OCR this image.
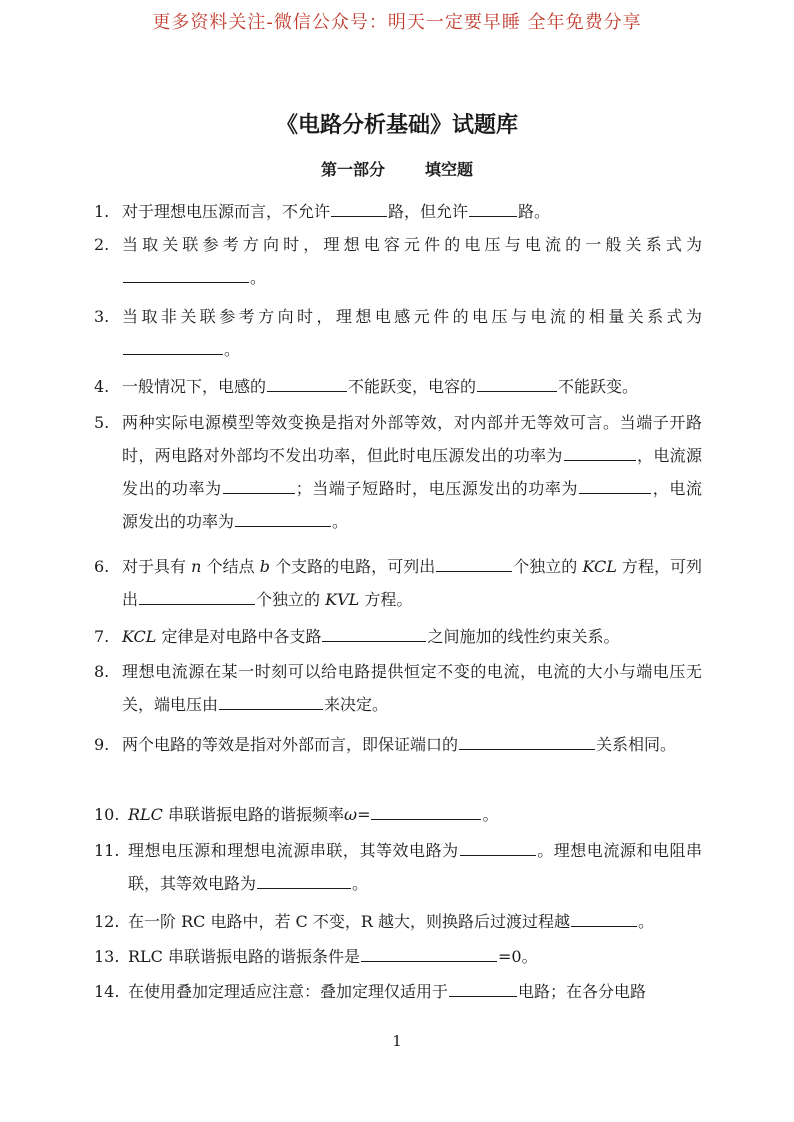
更多资料关注-微信公众号：明天一定要早睡 全年免费分享
《电路分析基础》试题库
第一部分	填空题
1. 对于理想电压源而言，不允许	路，但允许	路。
2. 当取关联参考方向时，理想电容元件的电压与电流的一般关系式为。
3. 当取非关联参考方向时，理想电感元件的电压与电流的相量关系式为。
4. 一般情况下，电感的	不能跃变，电容的	不能跃变。
5. 两种实际电源模型等效变换是指对外部等效，对内部并无等效可言。当端子开路时，两电路对外部均不发出功率，但此时电压源发出的功率为	，电流源发出的功率为	；当端子短路时，电压源发出的功率为	，电流源发出的功率为	。
6. 对于具有 n 个结点 b 个支路的电路，可列出	个独立的 KCL 方程，可列出	个独立的 KVL 方程。
7. KCL 定律是对电路中各支路	之间施加的线性约束关系。
8. 理想电流源在某一时刻可以给电路提供恒定不变的电流，电流的大小与端电压无关，端电压由	来决定。
9. 两个电路的等效是指对外部而言，即保证端口的	关系相同。
10. RLC 串联谐振电路的谐振频率ω=	。
11. 理想电压源和理想电流源串联，其等效电路为	。理想电流源和电阻串联，其等效电路为	。
12. 在一阶 RC 电路中，若 C 不变，R 越大，则换路后过渡过程越	。
13. RLC 串联谐振电路的谐振条件是	=0。
14. 在使用叠加定理适应注意：叠加定理仅适用于	电路；在各分电路
1
